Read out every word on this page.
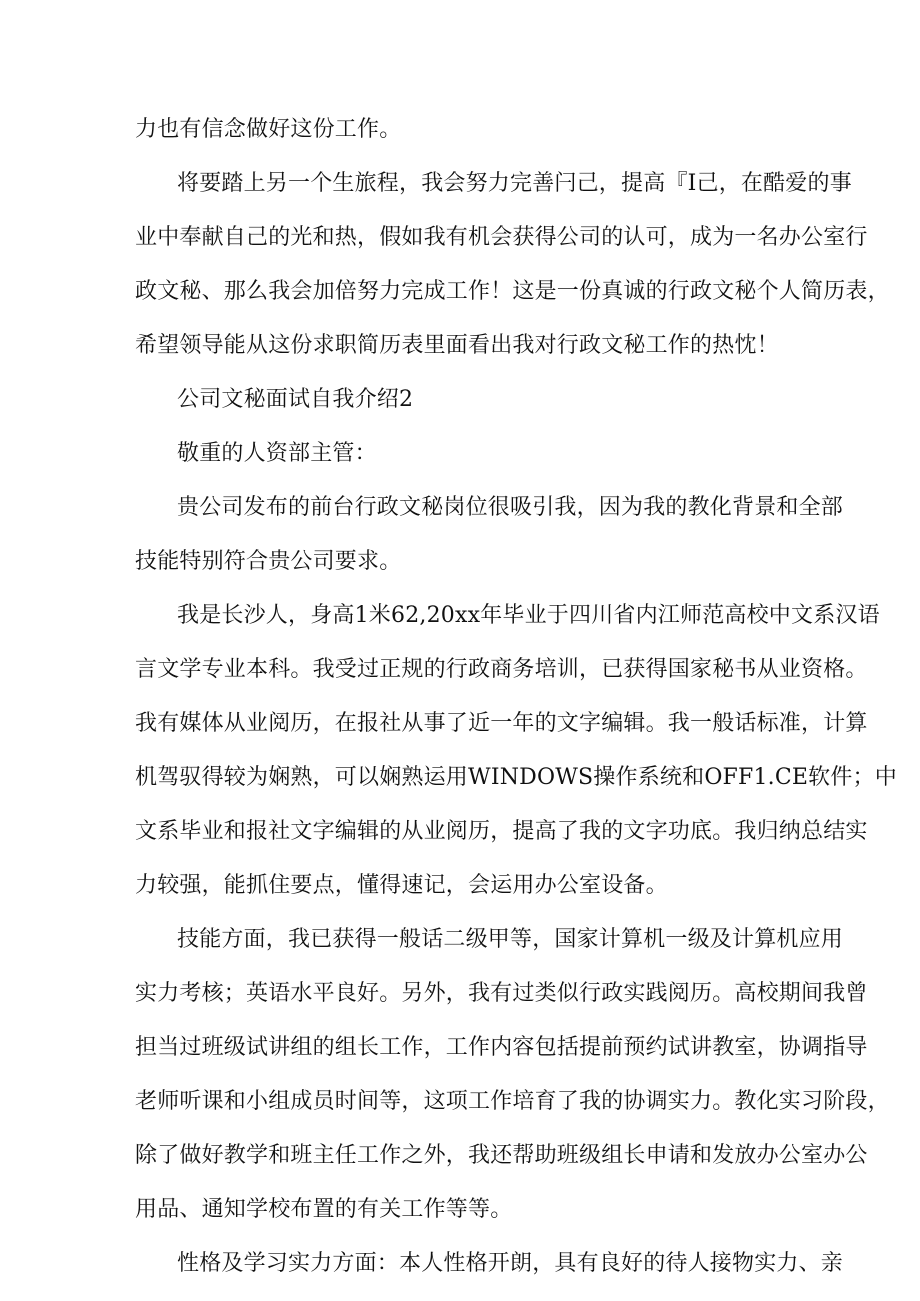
力也有信念做好这份工作。
将要踏上另一个生旅程，我会努力完善闩己，提高『I己，在酷爱的事
业中奉献自己的光和热，假如我有机会获得公司的认可，成为一名办公室行
政文秘、那么我会加倍努力完成工作！这是一份真诚的行政文秘个人简历表，
希望领导能从这份求职简历表里面看出我对行政文秘工作的热忱！
公司文秘面试自我介绍2
敬重的人资部主管：
贵公司发布的前台行政文秘岗位很吸引我，因为我的教化背景和全部
技能特别符合贵公司要求。
我是长沙人，身高1米62,20xx年毕业于四川省内江师范高校中文系汉语
言文学专业本科。我受过正规的行政商务培训，已获得国家秘书从业资格。
我有媒体从业阅历，在报社从事了近一年的文字编辑。我一般话标准，计算
机驾驭得较为娴熟，可以娴熟运用WINDOWS操作系统和OFF1.CE软件；中
文系毕业和报社文字编辑的从业阅历，提高了我的文字功底。我归纳总结实
力较强，能抓住要点，懂得速记，会运用办公室设备。
技能方面，我已获得一般话二级甲等，国家计算机一级及计算机应用
实力考核；英语水平良好。另外，我有过类似行政实践阅历。高校期间我曾
担当过班级试讲组的组长工作，工作内容包括提前预约试讲教室，协调指导
老师听课和小组成员时间等，这项工作培育了我的协调实力。教化实习阶段，
除了做好教学和班主任工作之外，我还帮助班级组长申请和发放办公室办公
用品、通知学校布置的有关工作等等。
性格及学习实力方面：本人性格开朗，具有良好的待人接物实力、亲
